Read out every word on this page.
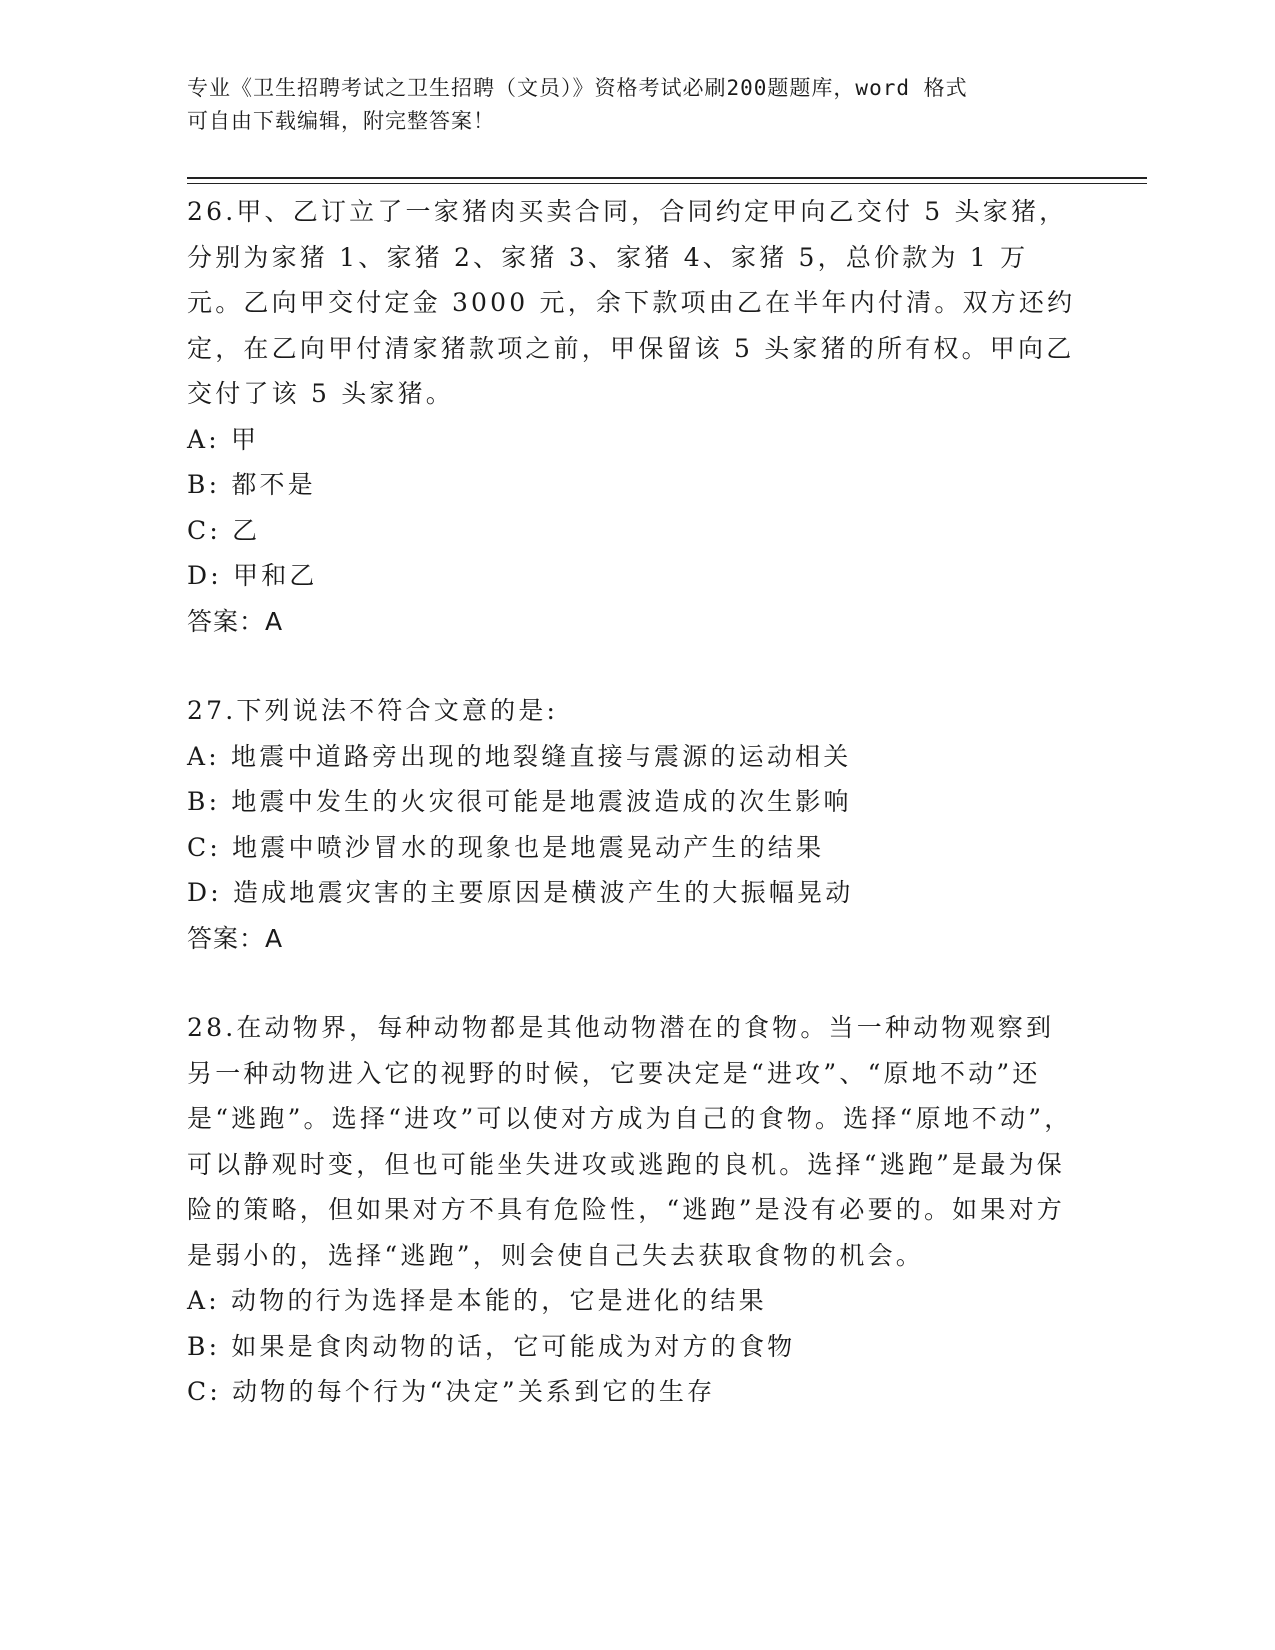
专业《卫生招聘考试之卫生招聘（文员）》资格考试必刷200题题库，word 格式
可自由下载编辑，附完整答案！

26.甲、乙订立了一家猪肉买卖合同，合同约定甲向乙交付 5 头家猪，分别为家猪 1、家猪 2、家猪 3、家猪 4、家猪 5，总价款为 1 万元。乙向甲交付定金 3000 元，余下款项由乙在半年内付清。双方还约定，在乙向甲付清家猪款项之前，甲保留该 5 头家猪的所有权。甲向乙交付了该 5 头家猪。

A: 甲

B: 都不是

C: 乙

D: 甲和乙

答案：A

27.下列说法不符合文意的是:

A: 地震中道路旁出现的地裂缝直接与震源的运动相关

B: 地震中发生的火灾很可能是地震波造成的次生影响

C: 地震中喷沙冒水的现象也是地震晃动产生的结果

D: 造成地震灾害的主要原因是横波产生的大振幅晃动

答案：A

28.在动物界，每种动物都是其他动物潜在的食物。当一种动物观察到另一种动物进入它的视野的时候，它要决定是“进攻”、“原地不动”还是“逃跑”。选择“进攻”可以使对方成为自己的食物。选择“原地不动”，可以静观时变，但也可能坐失进攻或逃跑的良机。选择“逃跑”是最为保险的策略，但如果对方不具有危险性，“逃跑”是没有必要的。如果对方是弱小的，选择“逃跑”，则会使自己失去获取食物的机会。

A: 动物的行为选择是本能的，它是进化的结果

B: 如果是食肉动物的话，它可能成为对方的食物

C: 动物的每个行为“决定”关系到它的生存
